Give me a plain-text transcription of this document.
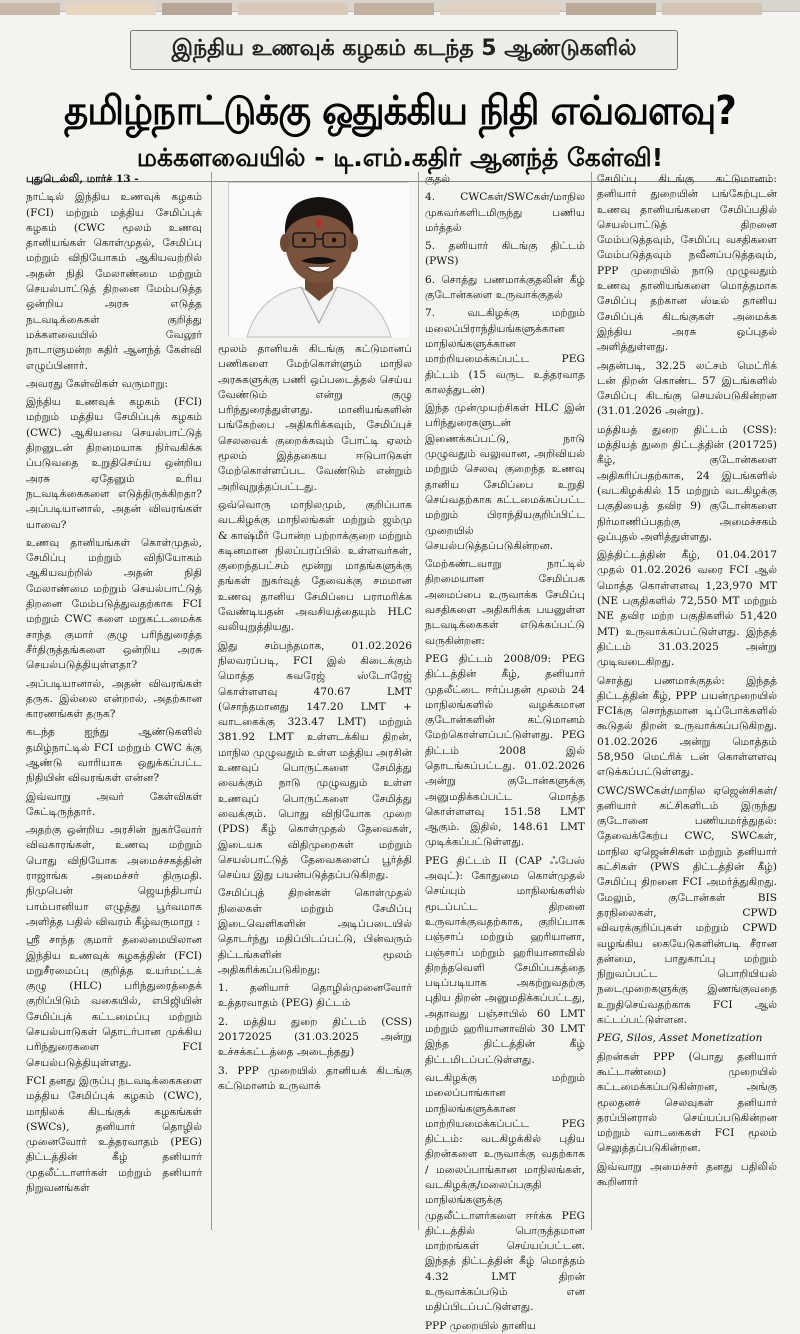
இந்திய உணவுக் கழகம் கடந்த 5 ஆண்டுகளில்
தமிழ்நாட்டுக்கு ஒதுக்கிய நிதி எவ்வளவு?
மக்களவையில் - டி.எம்.கதிர் ஆனந்த் கேள்வி!

புதுடெல்லி, மார்ச் 13 -

நாட்டில் இந்திய உணவுக் கழகம் (FCI) மற்றும் மத்திய சேமிப்புக் கழகம் (CWC மூலம் உணவு தானியங்கள் கொள்முதல், சேமிப்பு மற்றும் விநியோகம் ஆகியவற்றில் அதன் நிதி மேலாண்மை மற்றும் செயல்பாட்டுத் திறனை மேம்படுத்த ஒன்றிய அரசு எடுத்த நடவடிக்கைகள் குறித்து மக்களவையில் வேலூர் நாடாளுமன்ற கதிர் ஆனந்த் கேள்வி எழுப்பினார்.

அவரது கேள்விகள் வருமாறு:

இந்திய உணவுக் கழகம் (FCI) மற்றும் மத்திய சேமிப்புக் கழகம் (CWC) ஆகியவை செயல்பாட்டுத் திறனுடன் திறமையாக நிர்வகிக்க ப்படுவதை உறுதிசெய்ய ஒன்றிய அரசு ஏதேனும் உரிய நடவடிக்கைகளை எடுத்திருக்கிறதா? அப்படியானால், அதன் விவரங்கள் யாவை?

உணவு தானியங்கள் கொள்முதல், சேமிப்பு மற்றும் விநியோகம் ஆகியவற்றில் அதன் நிதி மேலாண்மை மற்றும் செயல்பாட்டுத் திறனை மேம்படுத்துவதற்காக FCI மற்றும் CWC களை மறுகட்டமைக்க சாந்த குமார் குழு பரிந்துரைத்த சீர்திருத்தங்களை ஒன்றிய அரசு செயல்படுத்தியுள்ளதா?

அப்படியானால், அதன் விவரங்கள் தருக. இல்லை என்றால், அதற்கான காரணங்கள் தருக?

கடந்த ஐந்து ஆண்டுகளில் தமிழ்நாட்டில் FCI மற்றும் CWC க்கு ஆண்டு வாரியாக ஒதுக்கப்பட்ட நிதியின் விவரங்கள் என்ன?

இவ்வாறு அவர் கேள்விகள் கேட்டிருந்தார்.

அதற்கு ஒன்றிய அரசின் நுகர்வோர் விவகாரங்கள், உணவு மற்றும் பொது விநியோக அமைச்சகத்தின் ராஜாங்க அமைச்சர் திருமதி. நிமுபென் ஜெயந்திபாய் பாம்பானியா எழுத்து பூர்வமாக அளித்த பதில் விவரம் கீழ்வருமாறு :

ஸ்ரீ சாந்த குமார் தலைமையிலான இந்திய உணவுக் கழகத்தின் (FCI) மறுசீரமைப்பு குறித்த உயர்மட்டக் குழு (HLC) பரிந்துரைத்தைக் குறிப்பிடும் வகையில், எபிஜியின் சேமிப்புக் கட்டமைப்பு மற்றும் செயல்பாடுகள் தொடர்பான முக்கிய பரிந்துரைகளை FCI செயல்படுத்தியுள்ளது.

FCI தனது இருப்பு நடவடிக்கைகளை மத்திய சேமிப்புக் கழகம் (CWC), மாநிலக் கிடங்குக் கழகங்கள் (SWCs), தனியார் தொழில் முனைவோர் உத்தரவாதம் (PEG) திட்டத்தின் கீழ் தனியார் முதலீட்டாளர்கள் மற்றும் தனியார் நிறுவனங்கள்

மூலம் தானியக் கிடங்கு கட்டுமானப் பணிகளை மேற்கொள்ளும் மாநில அரசுகளுக்கு பணி ஒப்படைத்தல் செய்ய வேண்டும் என்று குழு பரிந்துரைத்துள்ளது. மானியங்களின் பங்கேற்பை அதிகரிக்கவும், சேமிப்புச் செலவைக் குறைக்கவும் போட்டி ஏலம் மூலம் இத்தகைய ஈடுபாடுகள் மேற்கொள்ளப்பட வேண்டும் என்றும் அறிவுறுத்தப்பட்டது.

ஒவ்வொரு மாநிலமும், குறிப்பாக வடகிழக்கு மாநிலங்கள் மற்றும் ஜம்மு & காஷ்மீர் போன்ற பற்றாக்குறை மற்றும் கடினமான நிலப்பரப்பில் உள்ளவர்கள், குறைந்தபட்சம் மூன்று மாதங்களுக்கு தங்கள் நுகர்வுத் தேவைக்கு சமமான உணவு தானிய சேமிப்பை பராமரிக்க வேண்டியதன் அவசியத்தையும் HLC வலியுறுத்தியது.

இது சம்பந்தமாக, 01.02.2026 நிலவரப்படி, FCI இல் கிடைக்கும் மொத்த சுவரேஜ் ஸ்டோரேஜ் கொள்ளளவு 470.67 LMT (சொந்தமானது 147.20 LMT + வாடகைக்கு 323.47 LMT) மற்றும் 381.92 LMT உள்ளடக்கிய திறன், மாநில முழுவதும் உள்ள மத்திய அரசின் உணவுப் பொருட்களை சேமித்து வைக்கும் நாடு முழுவதும் உள்ள உணவுப் பொருட்களை சேமித்து வைக்கும். பொது விநியோக முறை (PDS) கீழ் கொள்முதல் தேவைகள், இடையக விதிமுறைகள் மற்றும் செயல்பாட்டுத் தேவைகளைப் பூர்த்தி செய்ய இது பயன்படுத்தப்படுகிறது.

சேமிப்புத் திறன்கள் கொள்முதல் நிலைகள் மற்றும் சேமிப்பு இடைவெளிகளின் அடிப்படையில் தொடர்ந்து மதிப்பிடப்பட்டு, பின்வரும் திட்டங்களின் மூலம் அதிகரிக்கப்படுகிறது:

1. தனியார் தொழில்முனைவோர் உத்தரவாதம் (PEG) திட்டம்

2. மத்திய துறை திட்டம் (CSS) 20172025 (31.03.2025 அன்று உச்சக்கட்டத்தை அடைந்தது)

3. PPP முறையில் தானியக் கிடங்கு கட்டுமானம் உருவாக்

குதல்

4. CWCகள்/SWCகள்/மாநில முகவர்களிடமிருந்து பணிய மர்த்தல்

5. தனியார் கிடங்கு திட்டம் (PWS)

6. சொத்து பணமாக்குதலின் கீழ் குடோன்களை உருவாக்குதல்

7. வடகிழக்கு மற்றும் மலைப்பிராந்தியங்களுக்கான மாநிலங்களுக்கான மாற்றியமைக்கப்பட்ட PEG திட்டம் (15 வருட உத்தரவாத காலத்துடன்)

இந்த முன்முயற்சிகள் HLC இன் பரிந்துரைகளுடன் இணைக்கப்பட்டு, நாடு முழுவதும் வலுவான, அறிவியல் மற்றும் செலவு குறைந்த உணவு தானிய சேமிப்பை உறுதி செய்வதற்காக கட்டமைக்கப்பட்ட மற்றும் பிராந்தியகுறிப்பிட்ட முறையில் செயல்படுத்தப்படுகின்றன.

மேற்கண்டவாறு நாட்டில் திறமையான சேமிப்பக அமைப்பை உருவாக்க சேமிப்பு வசதிகளை அதிகரிக்க பயனுள்ள நடவடிக்கைகள் எடுக்கப்பட்டு வருகின்றன:

PEG திட்டம் 2008/09: PEG திட்டத்தின் கீழ், தனியார் முதலீட்டை ஈர்ப்பதன் மூலம் 24 மாநிலங்களில் வழக்கமான குடோன்களின் கட்டுமானம் மேற்கொள்ளப்பட்டுள்ளது. PEG திட்டம் 2008 இல் தொடங்கப்பட்டது. 01.02.2026 அன்று குடோன்களுக்கு அனுமதிக்கப்பட்ட மொத்த கொள்ளளவு 151.58 LMT ஆகும். இதில், 148.61 LMT முடிக்கப்பட்டுள்ளது.

PEG திட்டம் II (CAP ஃபேஸ் அவுட்): கோதுமை கொள்முதல் செய்யும் மாநிலங்களில் மூடப்பட்ட திறனை உருவாக்குவதற்காக, குறிப்பாக பஞ்சாப் மற்றும் ஹரியானா, பஞ்சாப் மற்றும் ஹரியானாவில் திறந்தவெளி சேமிப்பகத்தை படிப்படியாக அகற்றுவதற்கு புதிய திறன் அனுமதிக்கப்பட்டது, அதாவது பஞ்சாபில் 60 LMT மற்றும் ஹரியானாவில் 30 LMT இந்த திட்டத்தின் கீழ் திட்டமிடப்பட்டுள்ளது.

வடகிழக்கு மற்றும் மலைப்பாங்கான மாநிலங்களுக்கான மாற்றியமைக்கப்பட்ட PEG திட்டம்: வடகிழக்கில் புதிய திறன்களை உருவாக்கு வதற்காக / மலைப்பாங்கான மாநிலங்கள், வடகிழக்கு/மலைப்பகுதி மாநிலங்களுக்கு முதலீட்டாளர்களை ஈர்க்க PEG திட்டத்தில் பொருத்தமான மாற்றங்கள் செய்யப்பட்டன. இந்தத் திட்டத்தின் கீழ் மொத்தம் 4.32 LMT திறன் உருவாக்கப்படும் என மதிப்பிடப்பட்டுள்ளது.

PPP முறையில் தானிய

சேமிப்பு கிடங்கு கட்டுமானம்: தனியார் துறையின் பங்கேற்புடன் உணவு தானியங்களை சேமிப்பதில் செயல்பாட்டுத் திறனை மேம்படுத்தவும், சேமிப்பு வசதிகளை மேம்படுத்தவும் நவீனப்படுத்தவும், PPP முறையில் நாடு முழுவதும் உணவு தானியங்களை மொத்தமாக சேமிப்பு தற்கான ஸ்டீல் தானிய சேமிப்புக் கிடங்குகள் அமைக்க இந்திய அரசு ஒப்புதல் அளித்துள்ளது.

அதன்படி, 32.25 லட்சம் மெட்ரிக் டன் திறன் கொண்ட 57 இடங்களில் சேமிப்பு கிடங்கு செயல்படுகின்றன (31.01.2026 அன்று).

மத்தியத் துறை திட்டம் (CSS): மத்தியத் துறை திட்டத்தின் (201725) கீழ், குடோன்களை அதிகரிப்பதற்காக, 24 இடங்களில் (வடகிழக்கில் 15 மற்றும் வடகிழக்கு பகுதியைத் தவிர 9) குடோன்களை நிர்மாணிப்பதற்கு அமைச்சகம் ஒப்புதல் அளித்துள்ளது.

இத்திட்டத்தின் கீழ், 01.04.2017 முதல் 01.02.2026 வரை FCI ஆல் மொத்த கொள்ளளவு 1,23,970 MT (NE பகுதிகளில் 72,550 MT மற்றும் NE தவிர மற்ற பகுதிகளில் 51,420 MT) உருவாக்கப்பட்டுள்ளது. இந்தத் திட்டம் 31.03.2025 அன்று முடிவடைகிறது.

சொத்து பணமாக்குதல்: இந்தத் திட்டத்தின் கீழ், PPP பயன்முறையில் FCIக்கு சொந்தமான டிப்போக்களில் கூடுதல் திறன் உருவாக்கப்படுகிறது. 01.02.2026 அன்று மொத்தம் 58,950 மெட்ரிக் டன் கொள்ளளவு எடுக்கப்பட்டுள்ளது.

CWC/SWCகள்/மாநில ஏஜென்சிகள்/தனியார் கட்சிகளிடம் இருந்து குடோனை பணியமர்த்துதல்: தேவைக்கேற்ப CWC, SWCகள், மாநில ஏஜென்சிகள் மற்றும் தனியார் கட்சிகள் (PWS திட்டத்தின் கீழ்) சேமிப்பு திறனை FCI அமர்த்துகிறது. மேலும், குடோன்கள் BIS தரநிலைகள், CPWD விவரக்குறிப்புகள் மற்றும் CPWD வழங்கிய கையேடுகளின்படி சீரான தன்மை, பாதுகாப்பு மற்றும் நிறுவப்பட்ட பொறியியல் நடைமுறைகளுக்கு இணங்குவதை உறுதிசெய்வதற்காக FCI ஆல் கட்டப்பட்டுள்ளன.

PEG, Silos, Asset Monetization

திறன்கள் PPP (பொது தனியார் கூட்டாண்மை) முறையில் கட்டமைக்கப்படுகின்றன, அங்கு மூலதனச் செலவுகள் தனியார் தரப்பினரால் செய்யப்படுகின்றன மற்றும் வாடகைகள் FCI மூலம் செலுத்தப்படுகின்றன.

இவ்வாறு அமைச்சர் தனது பதிலில் கூறினார்
